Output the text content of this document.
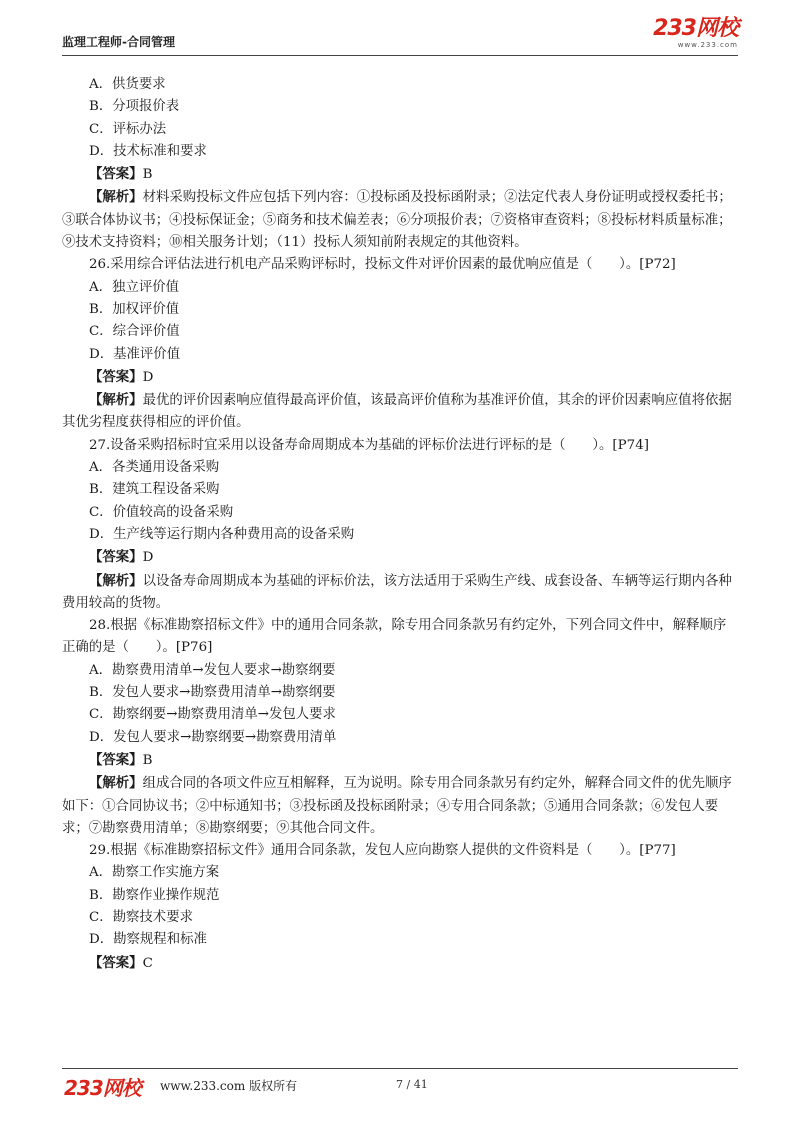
监理工程师-合同管理
233网校
www.233.com
A．供货要求
B．分项报价表
C．评标办法
D．技术标准和要求
【答案】B
【解析】材料采购投标文件应包括下列内容：①投标函及投标函附录；②法定代表人身份证明或授权委托书；③联合体协议书；④投标保证金；⑤商务和技术偏差表；⑥分项报价表；⑦资格审查资料；⑧投标材料质量标准；⑨技术支持资料；⑩相关服务计划；（11）投标人须知前附表规定的其他资料。
26.采用综合评估法进行机电产品采购评标时，投标文件对评价因素的最优响应值是（　　）。[P72]
A．独立评价值
B．加权评价值
C．综合评价值
D．基准评价值
【答案】D
【解析】最优的评价因素响应值得最高评价值，该最高评价值称为基准评价值，其余的评价因素响应值将依据其优劣程度获得相应的评价值。
27.设备采购招标时宜采用以设备寿命周期成本为基础的评标价法进行评标的是（　　）。[P74]
A．各类通用设备采购
B．建筑工程设备采购
C．价值较高的设备采购
D．生产线等运行期内各种费用高的设备采购
【答案】D
【解析】以设备寿命周期成本为基础的评标价法，该方法适用于采购生产线、成套设备、车辆等运行期内各种费用较高的货物。
28.根据《标准勘察招标文件》中的通用合同条款，除专用合同条款另有约定外，下列合同文件中，解释顺序正确的是（　　）。[P76]
A．勘察费用清单→发包人要求→勘察纲要
B．发包人要求→勘察费用清单→勘察纲要
C．勘察纲要→勘察费用清单→发包人要求
D．发包人要求→勘察纲要→勘察费用清单
【答案】B
【解析】组成合同的各项文件应互相解释，互为说明。除专用合同条款另有约定外，解释合同文件的优先顺序如下：①合同协议书；②中标通知书；③投标函及投标函附录；④专用合同条款；⑤通用合同条款；⑥发包人要求；⑦勘察费用清单；⑧勘察纲要；⑨其他合同文件。
29.根据《标准勘察招标文件》通用合同条款，发包人应向勘察人提供的文件资料是（　　）。[P77]
A．勘察工作实施方案
B．勘察作业操作规范
C．勘察技术要求
D．勘察规程和标准
【答案】C
233网校 www.233.com 版权所有	7 / 41
